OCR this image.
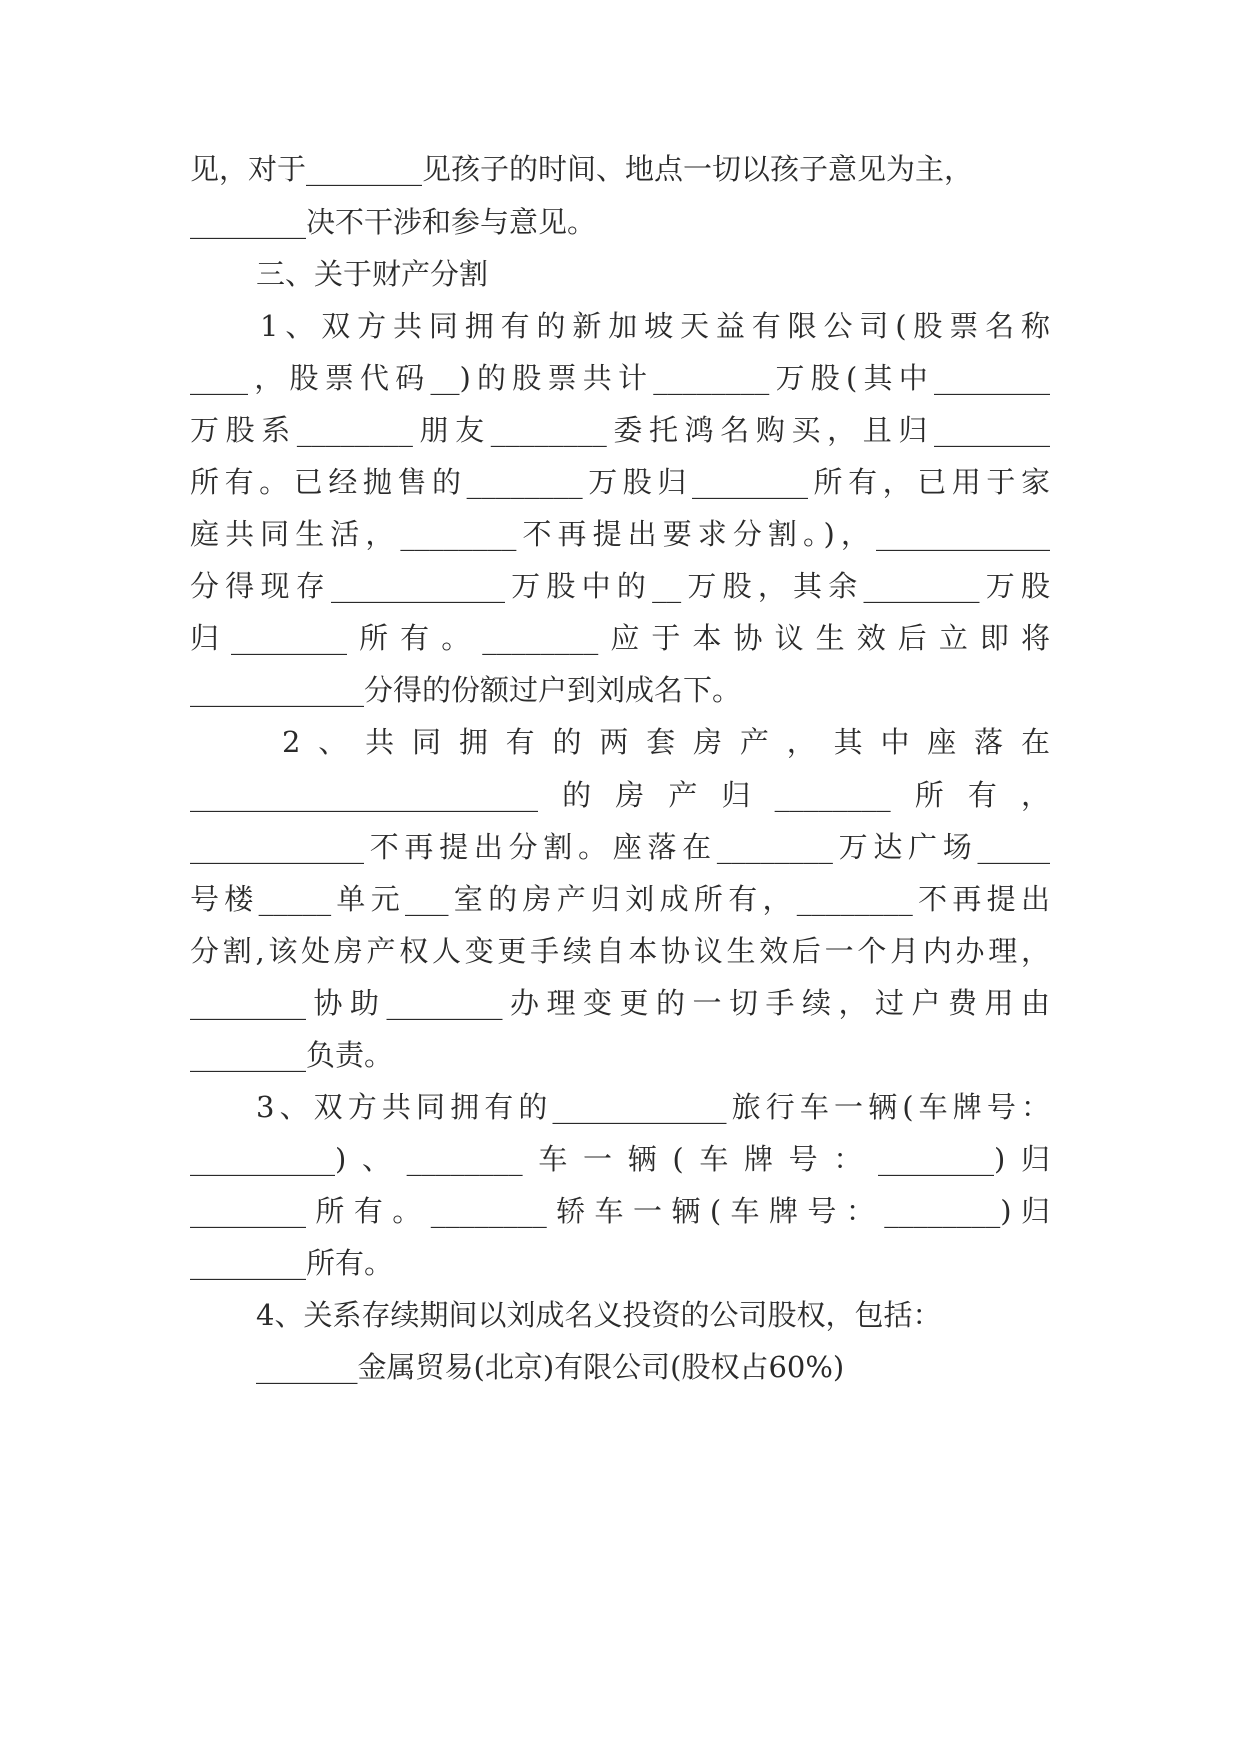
见，对于________见孩子的时间、地点一切以孩子意见为主，
________决不干涉和参与意见。
三、关于财产分割
1、双方共同拥有的新加坡天益有限公司(股票名称
____，股票代码__)的股票共计________万股(其中________
万股系________朋友________委托鸿名购买，且归________
所有。已经抛售的________万股归________所有，已用于家
庭共同生活，________不再提出要求分割。)，____________
分得现存____________万股中的__万股，其余________万股
归________所有。________应于本协议生效后立即将
____________分得的份额过户到刘成名下。
2、共同拥有的两套房产，其中座落在
________________________的房产归________所有，
____________不再提出分割。座落在________万达广场_____
号楼_____单元___室的房产归刘成所有，________不再提出
分割,该处房产权人变更手续自本协议生效后一个月内办理，
________协助________办理变更的一切手续，过户费用由
________负责。
3、双方共同拥有的____________旅行车一辆(车牌号：
__________)、________车一辆(车牌号：________)归
________所有。________轿车一辆(车牌号：________)归
________所有。
4、关系存续期间以刘成名义投资的公司股权，包括：
_______金属贸易(北京)有限公司(股权占60%)
